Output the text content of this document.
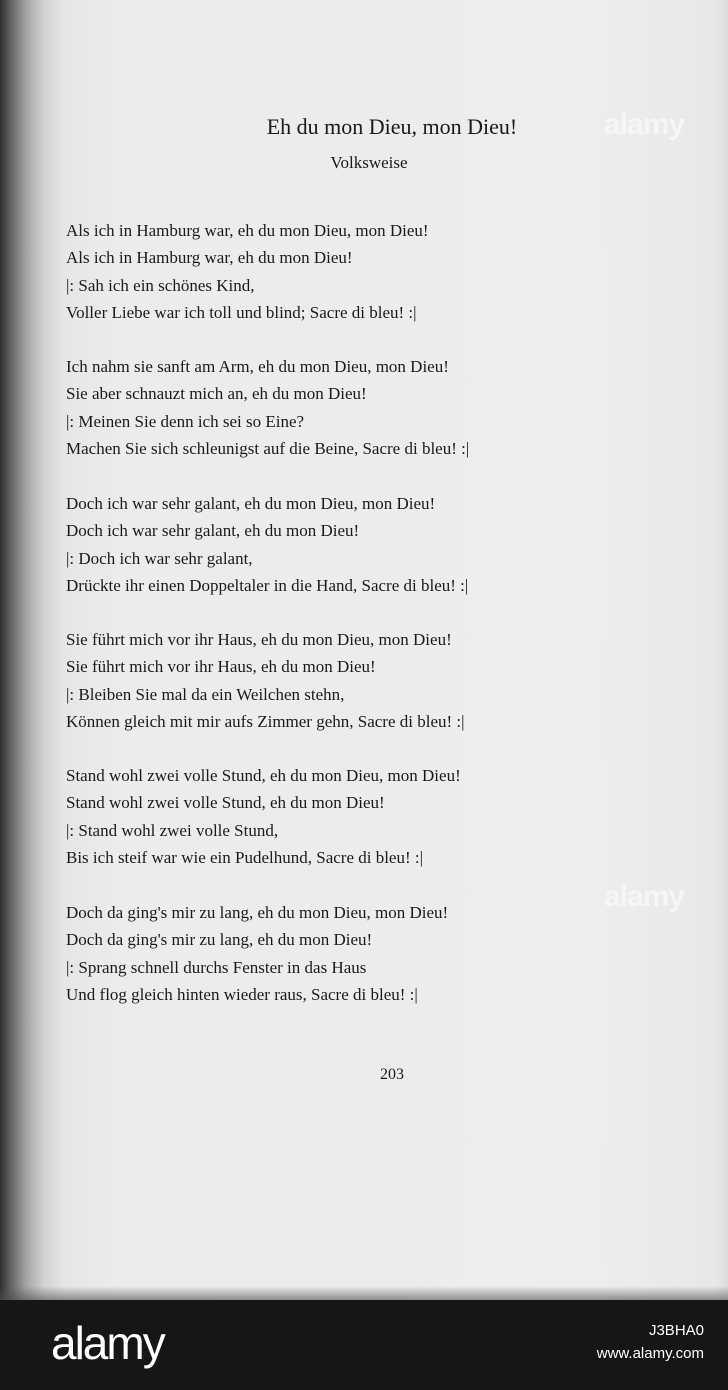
Eh du mon Dieu, mon Dieu!
Volksweise
Als ich in Hamburg war, eh du mon Dieu, mon Dieu!
Als ich in Hamburg war, eh du mon Dieu!
|: Sah ich ein schönes Kind,
Voller Liebe war ich toll und blind; Sacre di bleu! :|
Ich nahm sie sanft am Arm, eh du mon Dieu, mon Dieu!
Sie aber schnauzt mich an, eh du mon Dieu!
|: Meinen Sie denn ich sei so Eine?
Machen Sie sich schleunigst auf die Beine, Sacre di bleu! :|
Doch ich war sehr galant, eh du mon Dieu, mon Dieu!
Doch ich war sehr galant, eh du mon Dieu!
|: Doch ich war sehr galant,
Drückte ihr einen Doppeltaler in die Hand, Sacre di bleu! :|
Sie führt mich vor ihr Haus, eh du mon Dieu, mon Dieu!
Sie führt mich vor ihr Haus, eh du mon Dieu!
|: Bleiben Sie mal da ein Weilchen stehn,
Können gleich mit mir aufs Zimmer gehn, Sacre di bleu! :|
Stand wohl zwei volle Stund, eh du mon Dieu, mon Dieu!
Stand wohl zwei volle Stund, eh du mon Dieu!
|: Stand wohl zwei volle Stund,
Bis ich steif war wie ein Pudelhund, Sacre di bleu! :|
Doch da ging's mir zu lang, eh du mon Dieu, mon Dieu!
Doch da ging's mir zu lang, eh du mon Dieu!
|: Sprang schnell durchs Fenster in das Haus
Und flog gleich hinten wieder raus, Sacre di bleu! :|
203
alamy
alamy
alamy	J3BHA0
www.alamy.com
